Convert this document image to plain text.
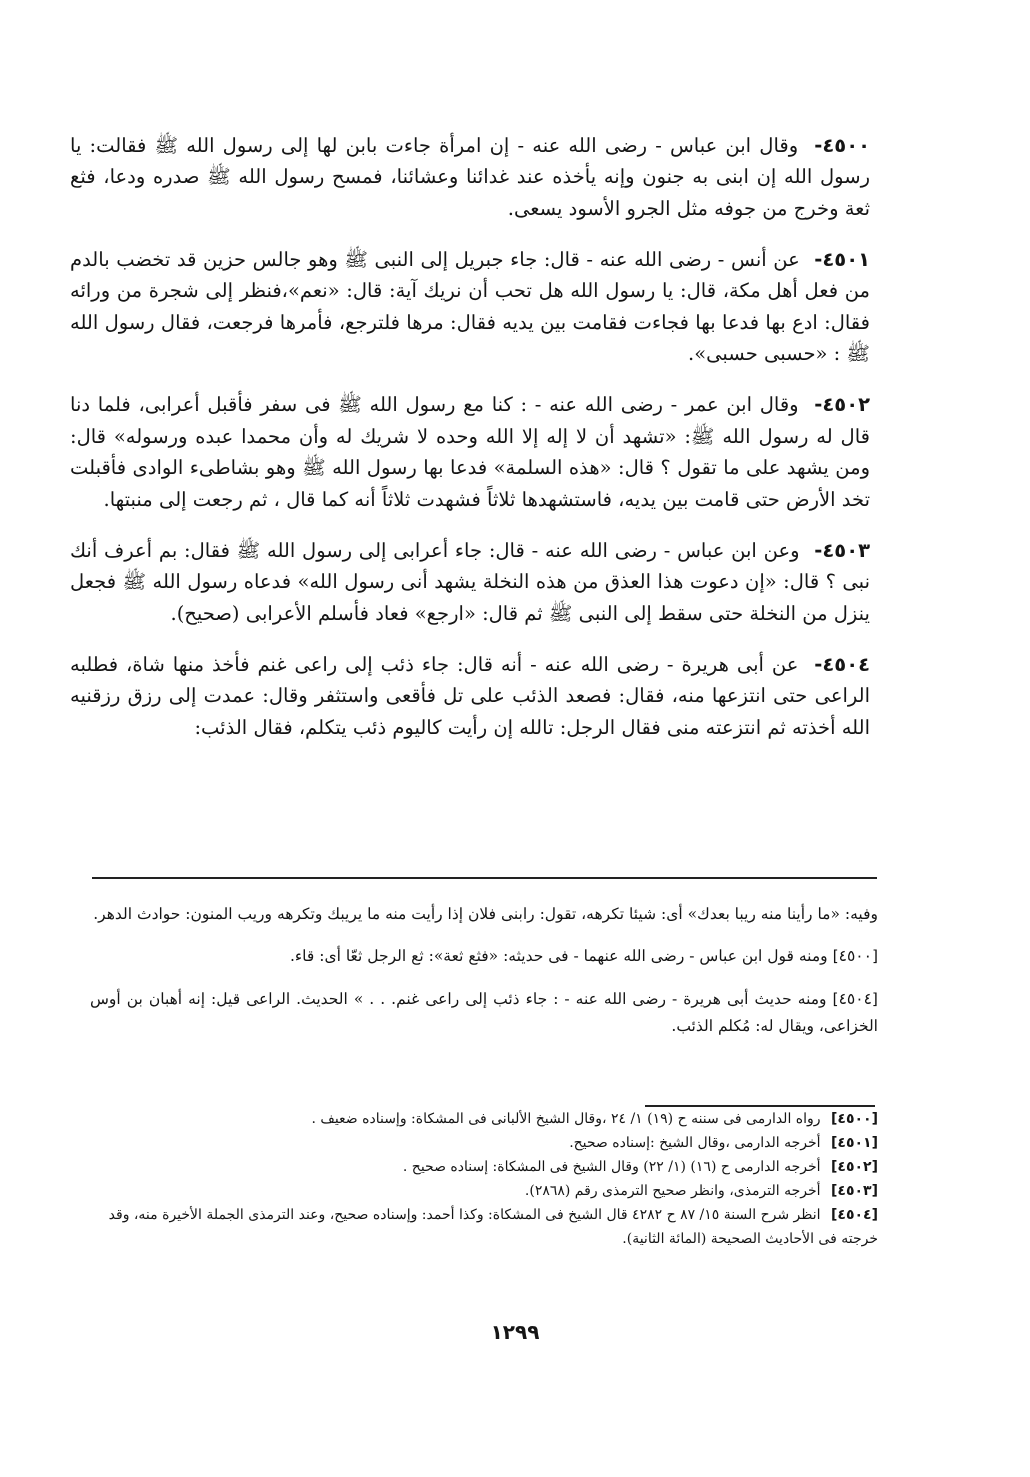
٤٥٠٠- وقال ابن عباس - رضى الله عنه - إن امرأة جاءت بابن لها إلى رسول الله ﷺ فقالت: يا رسول الله إن ابنى به جنون وإنه يأخذه عند غدائنا وعشائنا، فمسح رسول الله ﷺ صدره ودعا، فثع ثعة وخرج من جوفه مثل الجرو الأسود يسعى.

٤٥٠١- عن أنس - رضى الله عنه - قال: جاء جبريل إلى النبى ﷺ وهو جالس حزين قد تخضب بالدم من فعل أهل مكة، قال: يا رسول الله هل تحب أن نريك آية: قال: «نعم»،فنظر إلى شجرة من ورائه فقال: ادع بها فدعا بها فجاءت فقامت بين يديه فقال: مرها فلترجع، فأمرها فرجعت، فقال رسول الله ﷺ : «حسبى حسبى».

٤٥٠٢- وقال ابن عمر - رضى الله عنه - : كنا مع رسول الله ﷺ فى سفر فأقبل أعرابى، فلما دنا قال له رسول الله ﷺ: «تشهد أن لا إله إلا الله وحده لا شريك له وأن محمدا عبده ورسوله» قال: ومن يشهد على ما تقول ؟ قال: «هذه السلمة» فدعا بها رسول الله ﷺ وهو بشاطىء الوادى فأقبلت تخد الأرض حتى قامت بين يديه، فاستشهدها ثلاثاً فشهدت ثلاثاً أنه كما قال ، ثم رجعت إلى منبتها.

٤٥٠٣- وعن ابن عباس - رضى الله عنه - قال: جاء أعرابى إلى رسول الله ﷺ فقال: بم أعرف أنك نبى ؟ قال: «إن دعوت هذا العذق من هذه النخلة يشهد أنى رسول الله» فدعاه رسول الله ﷺ فجعل ينزل من النخلة حتى سقط إلى النبى ﷺ ثم قال: «ارجع» فعاد فأسلم الأعرابى (صحيح).

٤٥٠٤- عن أبى هريرة - رضى الله عنه - أنه قال: جاء ذئب إلى راعى غنم فأخذ منها شاة، فطلبه الراعى حتى انتزعها منه، فقال: فصعد الذئب على تل فأقعى واستثفر وقال: عمدت إلى رزق رزقنيه الله أخذته ثم انتزعته منى فقال الرجل: تالله إن رأيت كاليوم ذئب يتكلم، فقال الذئب:

وفيه: «ما رأينا منه ريبا بعدك» أى: شيئا تكرهه، تقول: رابنى فلان إذا رأيت منه ما يريبك وتكرهه وريب المنون: حوادث الدهر.

[٤٥٠٠] ومنه قول ابن عباس - رضى الله عنهما - فى حديثه: «فثع ثعة»: ثع الرجل ثعّا أى: قاء.

[٤٥٠٤] ومنه حديث أبى هريرة - رضى الله عنه - : جاء ذئب إلى راعى غنم. . . » الحديث. الراعى قيل: إنه أهبان بن أوس الخزاعى، ويقال له: مُكلم الذئب.

[٤٥٠٠] رواه الدارمى فى سننه ح (١٩) ١/ ٢٤ ،وقال الشيخ الألبانى فى المشكاة: وإسناده ضعيف .
[٤٥٠١] أخرجه الدارمى ،وقال الشيخ :إسناده صحيح.
[٤٥٠٢] أخرجه الدارمى ح (١٦) (١/ ٢٢) وقال الشيخ فى المشكاة: إسناده صحيح .
[٤٥٠٣] أخرجه الترمذى، وانظر صحيح الترمذى رقم (٢٨٦٨).
[٤٥٠٤] انظر شرح السنة ١٥/ ٨٧ ح ٤٢٨٢ قال الشيخ فى المشكاة: وكذا أحمد: وإسناده صحيح، وعند الترمذى الجملة الأخيرة منه، وقد خرجته فى الأحاديث الصحيحة (المائة الثانية).
١٢٩٩
